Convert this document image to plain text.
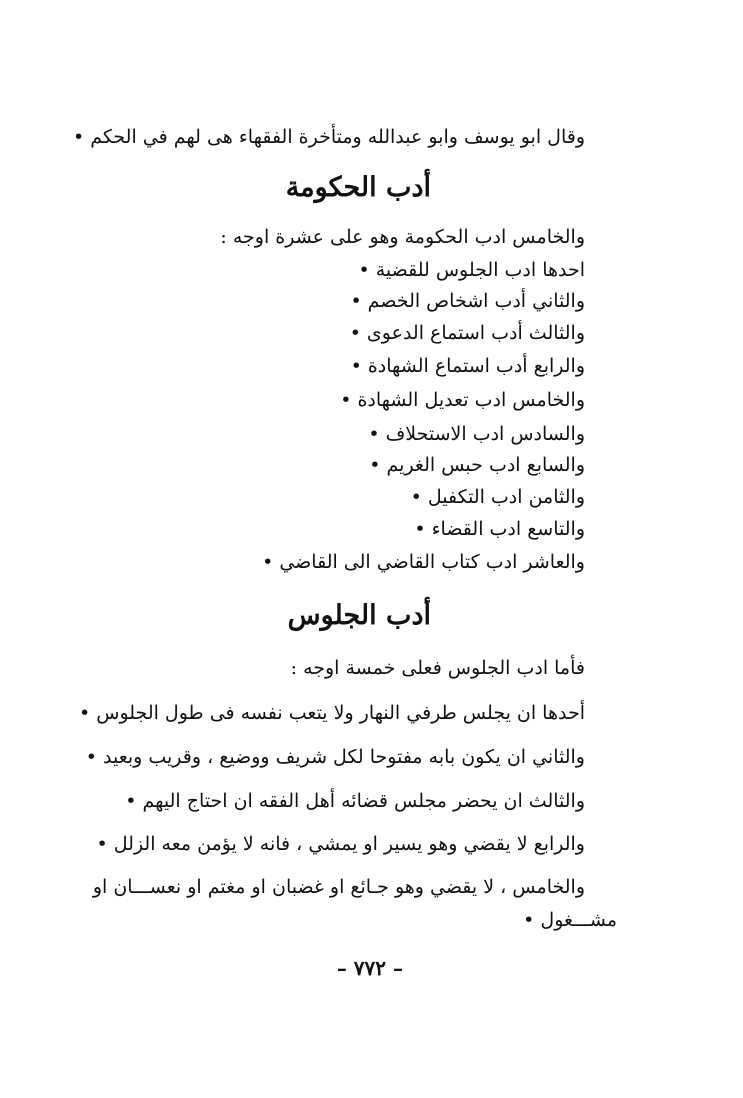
وقال ابو يوسف وابو عبدالله ومتأخرة الفقهاء هى لهم في الحكم •
أدب الحكومة
والخامس ادب الحكومة وهو على عشرة اوجه :
احدها ادب الجلوس للقضية •
والثاني أدب اشخاص الخصم •
والثالث أدب استماع الدعوى •
والرابع أدب استماع الشهادة •
والخامس ادب تعديل الشهادة •
والسادس ادب الاستحلاف •
والسابع ادب حبس الغريم •
والثامن ادب التكفيل •
والتاسع ادب القضاء •
والعاشر ادب كتاب القاضي الى القاضي •
أدب الجلوس
فأما ادب الجلوس فعلى خمسة اوجه :
أحدها ان يجلس طرفي النهار ولا يتعب نفسه فى طول الجلوس •
والثاني ان يكون بابه مفتوحا لكل شريف ووضيع ، وقريب وبعيد •
والثالث ان يحضر مجلس قضائه أهل الفقه ان احتاج اليهم •
والرابع لا يقضي وهو يسير او يمشي ، فانه لا يؤمن معه الزلل •
والخامس ، لا يقضي وهو جـائع او غضبان او مغتم او نعســـان او
مشـــغول •
– ٧٧٢ –
